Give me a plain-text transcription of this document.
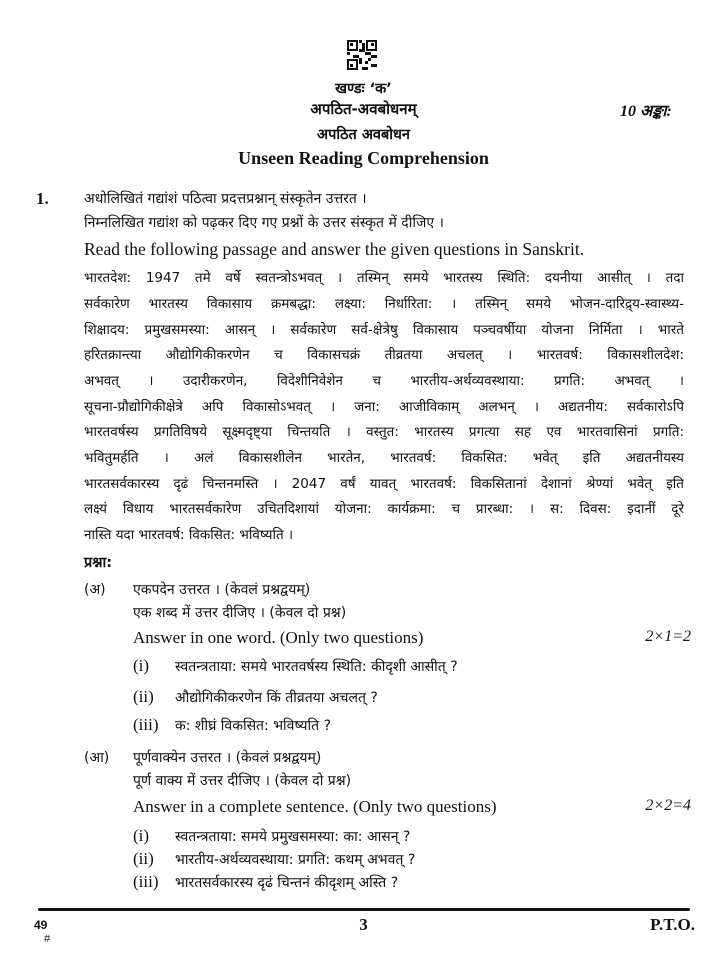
खण्डः ‘क’
अपठित-अवबोधनम्	10 अङ्का:
अपठित अवबोधन
Unseen Reading Comprehension
1.	अधोलिखितं गद्यांशं पठित्वा प्रदत्तप्रश्नान् संस्कृतेन उत्तरत ।
निम्नलिखित गद्यांश को पढ़कर दिए गए प्रश्नों के उत्तर संस्कृत में दीजिए ।
Read the following passage and answer the given questions in Sanskrit.
भारतदेश: 1947 तमे वर्षे स्वतन्त्रोऽभवत् । तस्मिन् समये भारतस्य स्थिति: दयनीया आसीत् । तदा
सर्वकारेण भारतस्य विकासाय क्रमबद्धा: लक्ष्या: निर्धारिता: । तस्मिन् समये भोजन-दारिद्र्य-स्वास्थ्य-
शिक्षादय: प्रमुखसमस्या: आसन् । सर्वकारेण सर्व-क्षेत्रेषु विकासाय पञ्चवर्षीया योजना निर्मिता । भारते
हरितक्रान्त्या औद्योगिकीकरणेन च विकासचक्रं तीव्रतया अचलत् । भारतवर्ष: विकासशीलदेश:
अभवत् । उदारीकरणेन, विदेशीनिवेशेन च भारतीय-अर्थव्यवस्थाया: प्रगति: अभवत् ।
सूचना-प्रौद्योगिकीक्षेत्रे अपि विकासोऽभवत् । जना: आजीविकाम् अलभन् । अद्यतनीय: सर्वकारोऽपि
भारतवर्षस्य प्रगतिविषये सूक्ष्मदृष्ट्या चिन्तयति । वस्तुत: भारतस्य प्रगत्या सह एव भारतवासिनां प्रगति:
भवितुमर्हति । अलं विकासशीलेन भारतेन, भारतवर्ष: विकसित: भवेत् इति अद्यतनीयस्य
भारतसर्वकारस्य दृढं चिन्तनमस्ति । 2047 वर्षं यावत् भारतवर्ष: विकसितानां देशानां श्रेण्यां भवेत् इति
लक्ष्यं विधाय भारतसर्वकारेण उचितदिशायां योजना: कार्यक्रमा: च प्रारब्धा: । स: दिवस: इदानीं दूरे
नास्ति यदा भारतवर्ष: विकसित: भविष्यति ।
प्रश्ना:
(अ) एकपदेन उत्तरत । (केवलं प्रश्नद्वयम्)
एक शब्द में उत्तर दीजिए । (केवल दो प्रश्न)
Answer in one word. (Only two questions)	2×1=2
(i) स्वतन्त्रताया: समये भारतवर्षस्य स्थिति: कीदृशी आसीत् ?
(ii) औद्योगिकीकरणेन किं तीव्रतया अचलत् ?
(iii) क: शीघ्रं विकसित: भविष्यति ?
(आ) पूर्णवाक्येन उत्तरत । (केवलं प्रश्नद्वयम्)
पूर्ण वाक्य में उत्तर दीजिए । (केवल दो प्रश्न)
Answer in a complete sentence. (Only two questions)	2×2=4
(i) स्वतन्त्रताया: समये प्रमुखसमस्या: का: आसन् ?
(ii) भारतीय-अर्थव्यवस्थाया: प्रगति: कथम् अभवत् ?
(iii) भारतसर्वकारस्य दृढं चिन्तनं कीदृशम् अस्ति ?
49
#
3	P.T.O.
